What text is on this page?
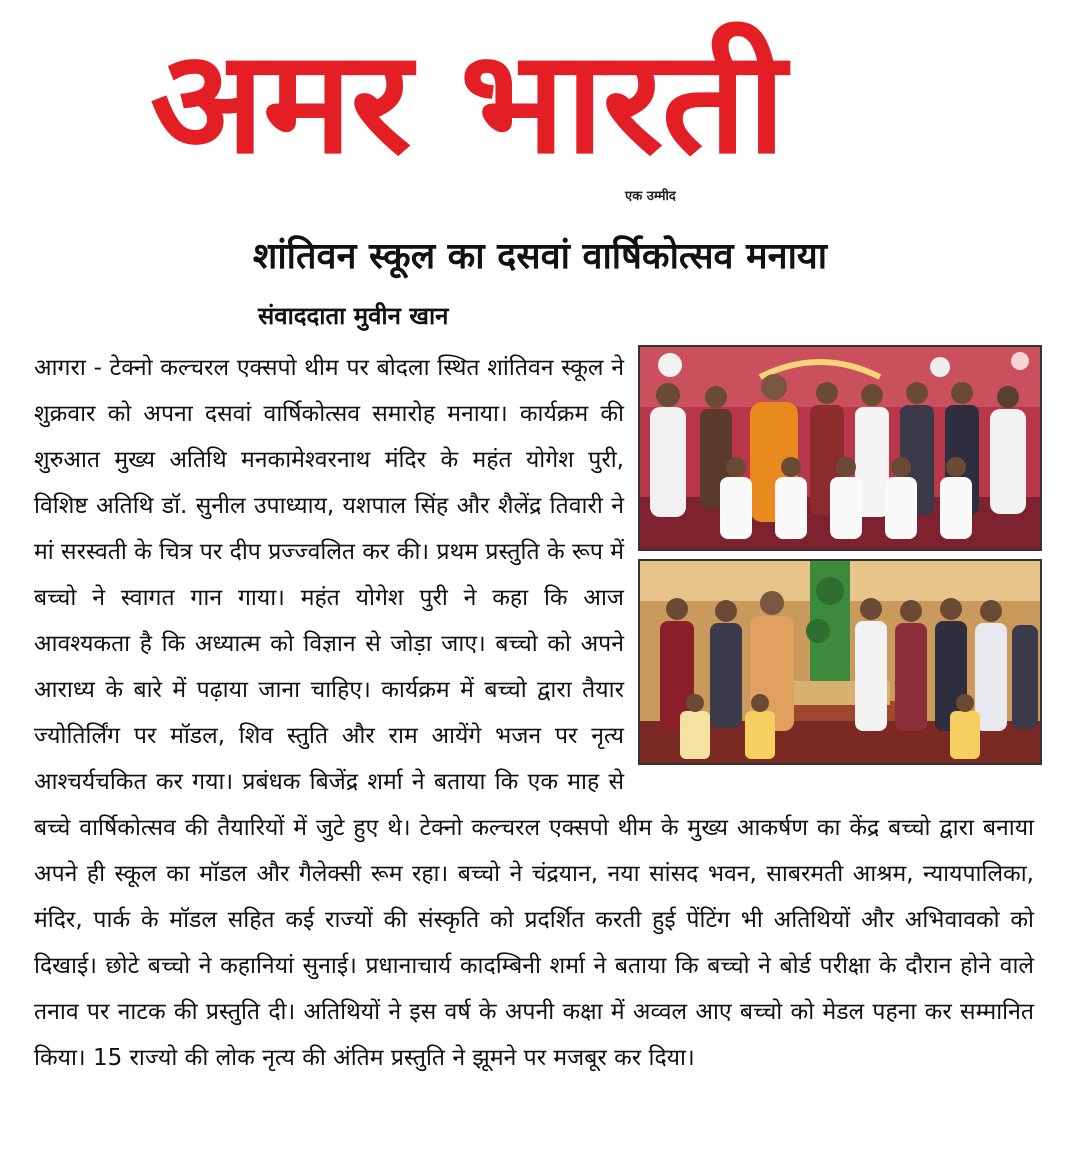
अमर भारती
एक उम्मीद
शांतिवन स्कूल का दसवां वार्षिकोत्सव मनाया
संवाददाता मुवीन खान
आगरा - टेक्नो कल्चरल एक्सपो थीम पर बोदला स्थित शांतिवन स्कूल ने शुक्रवार को अपना दसवां वार्षिकोत्सव समारोह मनाया। कार्यक्रम की शुरुआत मुख्य अतिथि मनकामेश्वरनाथ मंदिर के महंत योगेश पुरी, विशिष्ट अतिथि डॉ. सुनील उपाध्याय, यशपाल सिंह और शैलेंद्र तिवारी ने मां सरस्वती के चित्र पर दीप प्रज्ज्वलित कर की। प्रथम प्रस्तुति के रूप में बच्चो ने स्वागत गान गाया। महंत योगेश पुरी ने कहा कि आज आवश्यकता है कि अध्यात्म को विज्ञान से जोड़ा जाए। बच्चो को अपने आराध्य के बारे में पढ़ाया जाना चाहिए। कार्यक्रम में बच्चो द्वारा तैयार ज्योतिर्लिंग पर मॉडल, शिव स्तुति और राम आयेंगे भजन पर नृत्य आश्चर्यचकित कर गया। प्रबंधक बिजेंद्र शर्मा ने बताया कि एक माह से बच्चे वार्षिकोत्सव की तैयारियों में जुटे हुए थे। टेक्नो कल्चरल एक्सपो थीम के मुख्य आकर्षण का केंद्र बच्चो द्वारा बनाया अपने ही स्कूल का मॉडल और गैलेक्सी रूम रहा। बच्चो ने चंद्रयान, नया सांसद भवन, साबरमती आश्रम, न्यायपालिका, मंदिर, पार्क के मॉडल सहित कई राज्यों की संस्कृति को प्रदर्शित करती हुई पेंटिंग भी अतिथियों और अभिवावको को दिखाई। छोटे बच्चो ने कहानियां सुनाई। प्रधानाचार्य कादम्बिनी शर्मा ने बताया कि बच्चो ने बोर्ड परीक्षा के दौरान होने वाले तनाव पर नाटक की प्रस्तुति दी। अतिथियों ने इस वर्ष के अपनी कक्षा में अव्वल आए बच्चो को मेडल पहना कर सम्मानित किया। 15 राज्यो की लोक नृत्य की अंतिम प्रस्तुति ने झूमने पर मजबूर कर दिया।
